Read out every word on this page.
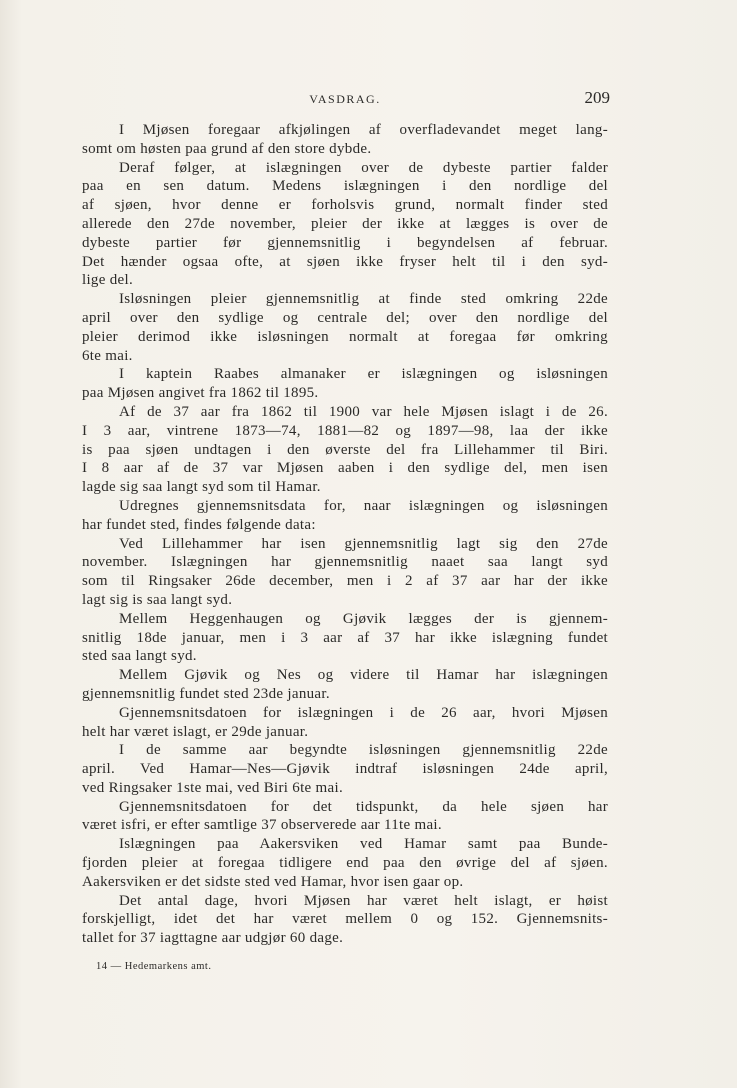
VASDRAG.	209

I Mjøsen foregaar afkjølingen af overfladevandet meget lang-
somt om høsten paa grund af den store dybde.

Deraf følger, at islægningen over de dybeste partier falder
paa en sen datum. Medens islægningen i den nordlige del
af sjøen, hvor denne er forholsvis grund, normalt finder sted
allerede den 27de november, pleier der ikke at lægges is over de
dybeste partier før gjennemsnitlig i begyndelsen af februar.
Det hænder ogsaa ofte, at sjøen ikke fryser helt til i den syd-
lige del.

Isløsningen pleier gjennemsnitlig at finde sted omkring 22de
april over den sydlige og centrale del; over den nordlige del
pleier derimod ikke isløsningen normalt at foregaa før omkring
6te mai.

I kaptein Raabes almanaker er islægningen og isløsningen
paa Mjøsen angivet fra 1862 til 1895.

Af de 37 aar fra 1862 til 1900 var hele Mjøsen islagt i de 26.
I 3 aar, vintrene 1873—74, 1881—82 og 1897—98, laa der ikke
is paa sjøen undtagen i den øverste del fra Lillehammer til Biri.
I 8 aar af de 37 var Mjøsen aaben i den sydlige del, men isen
lagde sig saa langt syd som til Hamar.

Udregnes gjennemsnitsdata for, naar islægningen og isløsningen
har fundet sted, findes følgende data:

Ved Lillehammer har isen gjennemsnitlig lagt sig den 27de
november. Islægningen har gjennemsnitlig naaet saa langt syd
som til Ringsaker 26de december, men i 2 af 37 aar har der ikke
lagt sig is saa langt syd.

Mellem Heggenhaugen og Gjøvik lægges der is gjennem-
snitlig 18de januar, men i 3 aar af 37 har ikke islægning fundet
sted saa langt syd.

Mellem Gjøvik og Nes og videre til Hamar har islægningen
gjennemsnitlig fundet sted 23de januar.

Gjennemsnitsdatoen for islægningen i de 26 aar, hvori Mjøsen
helt har været islagt, er 29de januar.

I de samme aar begyndte isløsningen gjennemsnitlig 22de
april. Ved Hamar—Nes—Gjøvik indtraf isløsningen 24de april,
ved Ringsaker 1ste mai, ved Biri 6te mai.

Gjennemsnitsdatoen for det tidspunkt, da hele sjøen har
været isfri, er efter samtlige 37 observerede aar 11te mai.

Islægningen paa Aakersviken ved Hamar samt paa Bunde-
fjorden pleier at foregaa tidligere end paa den øvrige del af sjøen.
Aakersviken er det sidste sted ved Hamar, hvor isen gaar op.

Det antal dage, hvori Mjøsen har været helt islagt, er høist
forskjelligt, idet det har været mellem 0 og 152. Gjennemsnits-
tallet for 37 iagttagne aar udgjør 60 dage.

14 — Hedemarkens amt.
